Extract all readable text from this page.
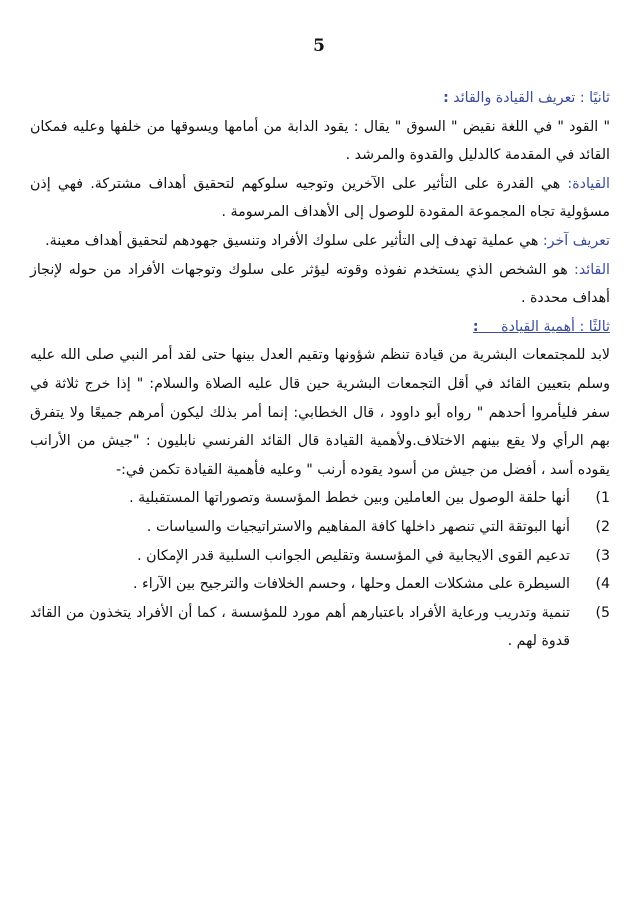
5
ثانيًا : تعريف القيادة والقائد :

" القود " في اللغة نقيض " السوق " يقال : يقود الدابة من أمامها ويسوقها من خلفها وعليه فمكان القائد في المقدمة كالدليل والقدوة والمرشد .

القيادة: هي القدرة على التأثير على الآخرين وتوجيه سلوكهم لتحقيق أهداف مشتركة. فهي إذن مسؤولية تجاه المجموعة المقودة للوصول إلى الأهداف المرسومة .

تعريف آخر: هي عملية تهدف إلى التأثير على سلوك الأفراد وتنسيق جهودهم لتحقيق أهداف معينة.

القائد: هو الشخص الذي يستخدم نفوذه وقوته ليؤثر على سلوك وتوجهات الأفراد من حوله لإنجاز أهداف محددة .

ثالثًا : أهمية القيادة     :

لابد للمجتمعات البشرية من قيادة تنظم شؤونها وتقيم العدل بينها حتى لقد أمر النبي صلى الله عليه وسلم بتعيين القائد في أقل التجمعات البشرية حين قال عليه الصلاة والسلام: " إذا خرج ثلاثة في سفر فليأمروا أحدهم " رواه أبو داوود ، قال الخطابي: إنما أمر بذلك ليكون أمرهم جميعًا ولا يتفرق بهم الرأي ولا يقع بينهم الاختلاف.ولأهمية القيادة قال القائد الفرنسي نابليون : "جيش من الأرانب يقوده أسد ، أفضل من جيش من أسود يقوده أرنب " وعليه فأهمية القيادة تكمن في:-

(1
أنها حلقة الوصول بين العاملين وبين خطط المؤسسة وتصوراتها المستقبلية .
(2
أنها البوتقة التي تنصهر داخلها كافة المفاهيم والاستراتيجيات والسياسات .
(3
تدعيم القوى الايجابية في المؤسسة وتقليص الجوانب السلبية قدر الإمكان .
(4
السيطرة على مشكلات العمل وحلها ، وحسم الخلافات والترجيح بين الآراء .
(5
تنمية وتدريب ورعاية الأفراد باعتبارهم أهم مورد للمؤسسة ، كما أن الأفراد يتخذون من القائد قدوة لهم .
